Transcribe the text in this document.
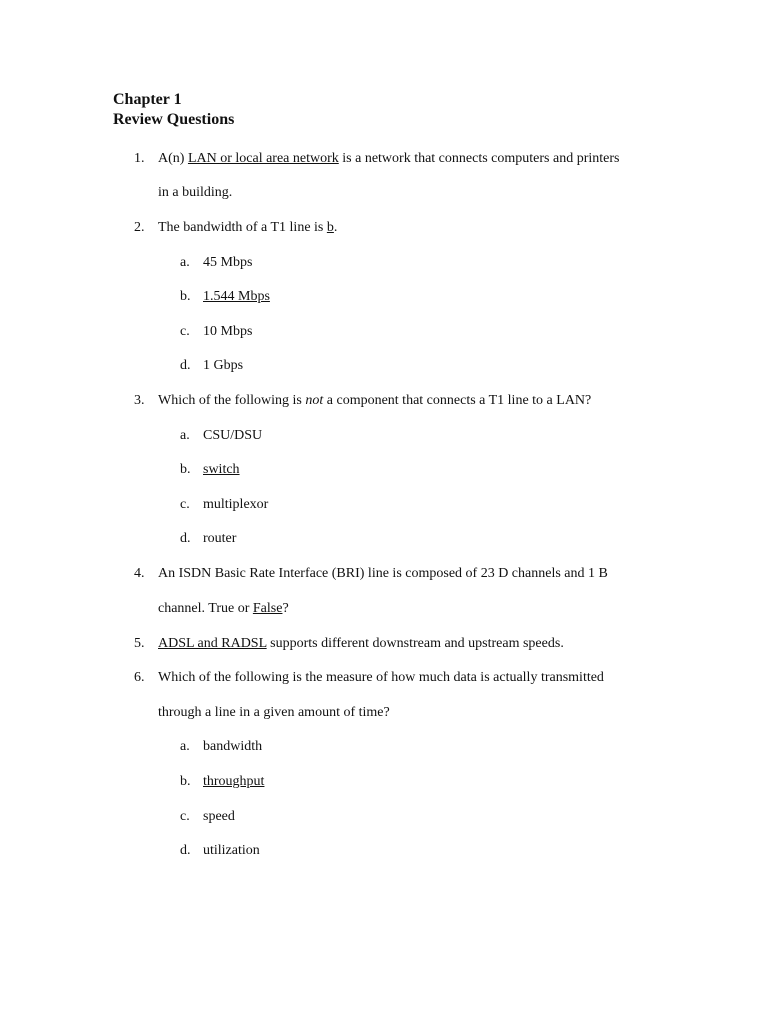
Chapter 1
Review Questions
1. A(n) LAN or local area network is a network that connects computers and printers
in a building.
2. The bandwidth of a T1 line is b.
a. 45 Mbps
b. 1.544 Mbps
c. 10 Mbps
d. 1 Gbps
3. Which of the following is not a component that connects a T1 line to a LAN?
a. CSU/DSU
b. switch
c. multiplexor
d. router
4. An ISDN Basic Rate Interface (BRI) line is composed of 23 D channels and 1 B
channel. True or False?
5. ADSL and RADSL supports different downstream and upstream speeds.
6. Which of the following is the measure of how much data is actually transmitted
through a line in a given amount of time?
a. bandwidth
b. throughput
c. speed
d. utilization
